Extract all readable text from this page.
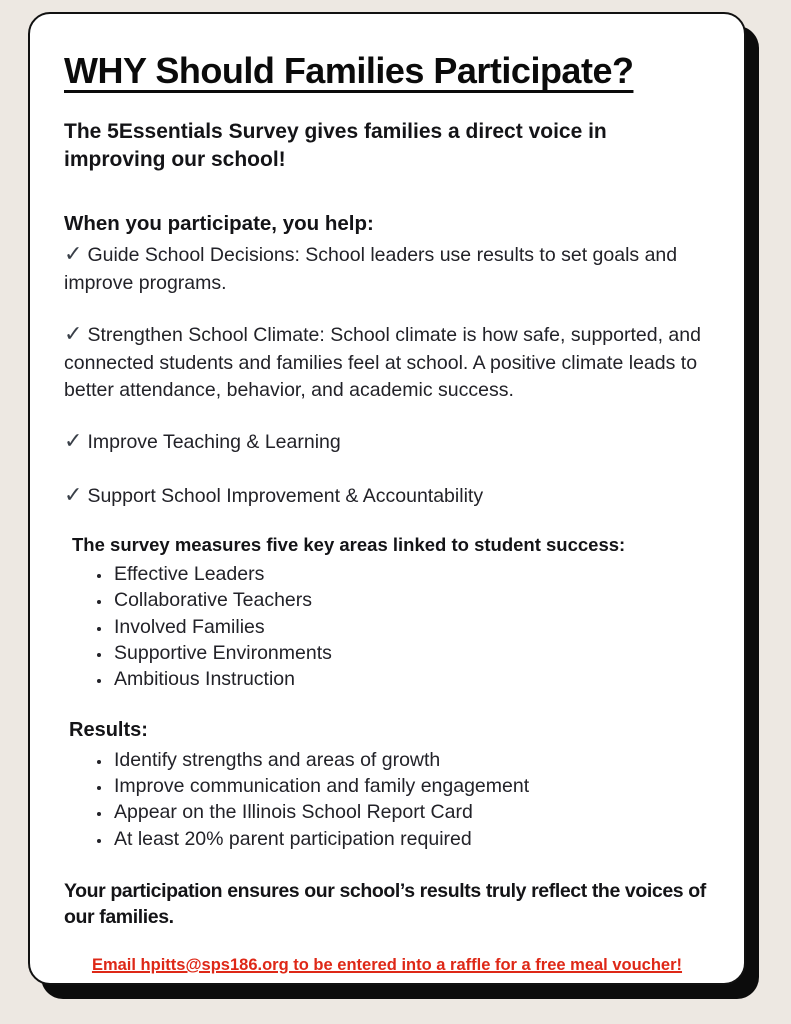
WHY Should Families Participate?

The 5Essentials Survey gives families a direct voice in improving our school!

When you participate, you help:

✓ Guide School Decisions: School leaders use results to set goals and improve programs.

✓ Strengthen School Climate: School climate is how safe, supported, and connected students and families feel at school. A positive climate leads to better attendance, behavior, and academic success.

✓ Improve Teaching & Learning

✓ Support School Improvement & Accountability

The survey measures five key areas linked to student success:

• Effective Leaders
• Collaborative Teachers
• Involved Families
• Supportive Environments
• Ambitious Instruction

Results:

• Identify strengths and areas of growth
• Improve communication and family engagement
• Appear on the Illinois School Report Card
• At least 20% parent participation required

Your participation ensures our school’s results truly reflect the voices of our families.

Email hpitts@sps186.org to be entered into a raffle for a free meal voucher!
